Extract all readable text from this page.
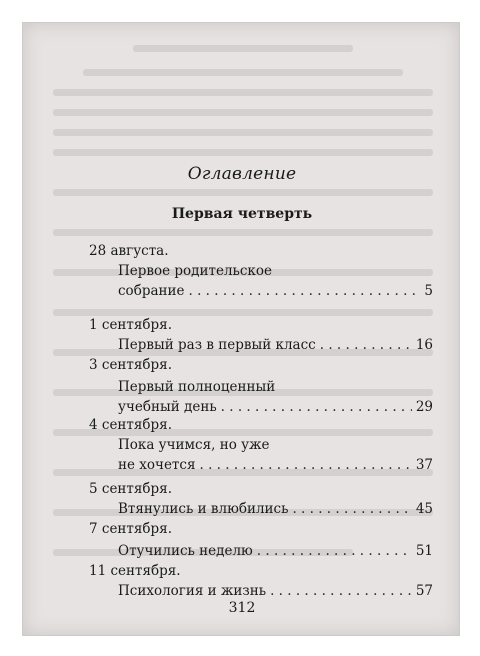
Оглавление
Первая четверть
28 августа.
Первое родительское
собрание . . .	5
1 сентября.
Первый раз в первый класс . . .	16
3 сентября.
Первый полноценный
учебный день . . .	29
4 сентября.
Пока учимся, но уже
не хочется . . .	37
5 сентября.
Втянулись и влюбились . . .	45
7 сентября.
Отучились неделю . . .	51
11 сентября.
Психология и жизнь . . .	57
312
